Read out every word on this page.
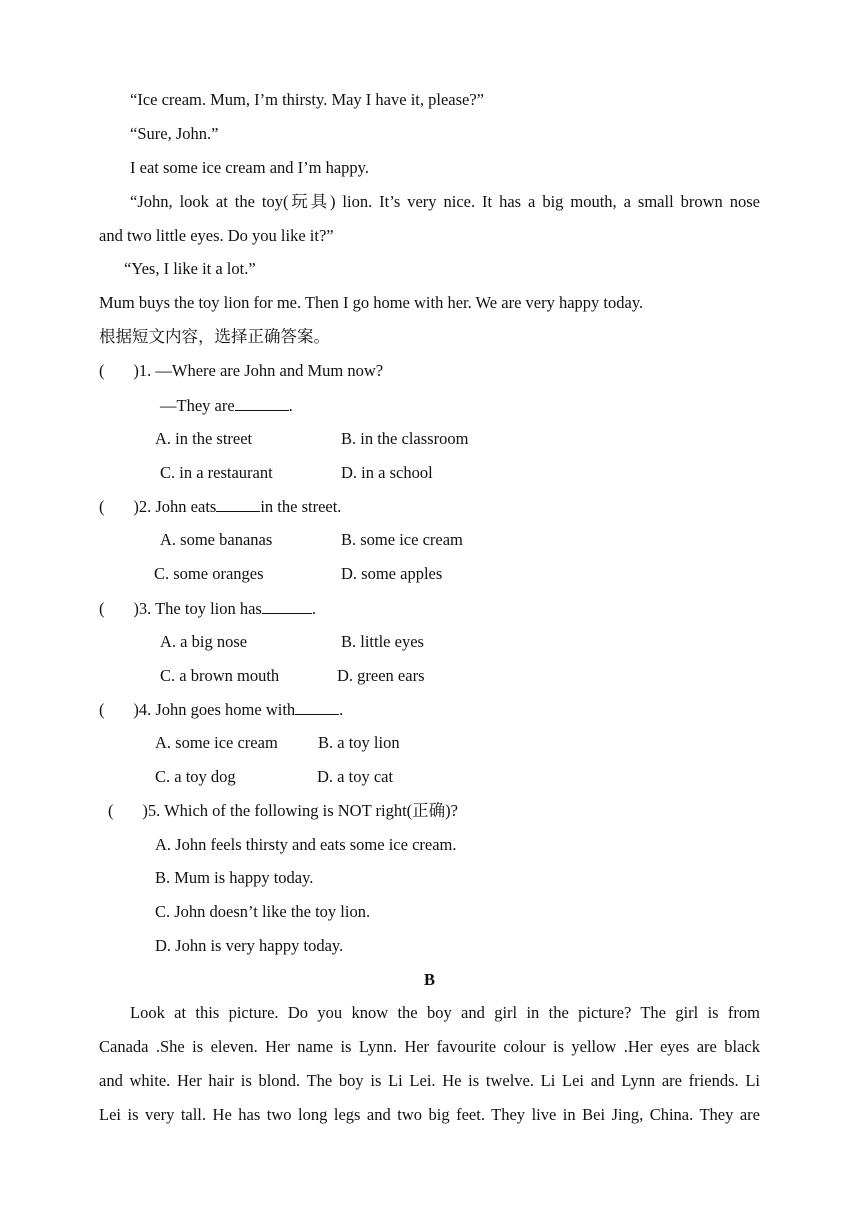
“Ice cream. Mum, I’m thirsty. May I have it, please?”
“Sure, John.”
I eat some ice cream and I’m happy.
“John, look at the toy(玩具) lion. It’s very nice. It has a big mouth, a small brown nose
and two little eyes. Do you like it?”
“Yes, I like it a lot.”
Mum buys the toy lion for me. Then I go home with her. We are very happy today.
根据短文内容，选择正确答案。
(       )1. —Where are John and Mum now?
—They are	.
A. in the street	B. in the classroom
C. in a restaurant	D. in a school
(       )2. John eats	in the street.
A. some bananas	B. some ice cream
C. some oranges	D. some apples
(       )3. The toy lion has	.
A. a big nose	B. little eyes
C. a brown mouth	D. green ears
(       )4. John goes home with	.
A. some ice cream B. a toy lion
C. a toy dog	D. a toy cat
(       )5. Which of the following is NOT right(正确)?
A. John feels thirsty and eats some ice cream.
B. Mum is happy today.
C. John doesn’t like the toy lion.
D. John is very happy today.
B
Look at this picture. Do you know the boy and girl in the picture? The girl is from
Canada .She is eleven. Her name is Lynn. Her favourite colour is yellow .Her eyes are black
and white. Her hair is blond. The boy is Li Lei. He is twelve. Li Lei and Lynn are friends. Li
Lei is very tall. He has two long legs and two big feet. They live in Bei Jing, China. They are
